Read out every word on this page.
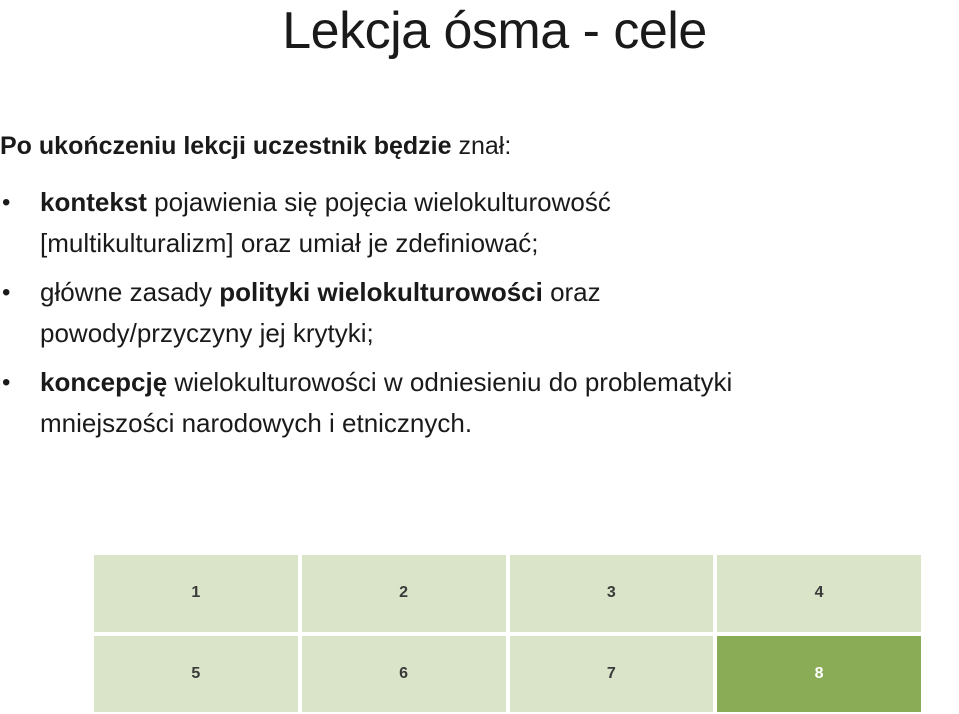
Lekcja ósma - cele
Po ukończeniu lekcji uczestnik będzie znał:
• kontekst pojawienia się pojęcia wielokulturowość
[multikulturalizm] oraz umiał je zdefiniować;
• główne zasady polityki wielokulturowości oraz
powody/przyczyny jej krytyki;
• koncepcję wielokulturowości w odniesieniu do problematyki
mniejszości narodowych i etnicznych.
1	2	3	4
5	6	7	8
